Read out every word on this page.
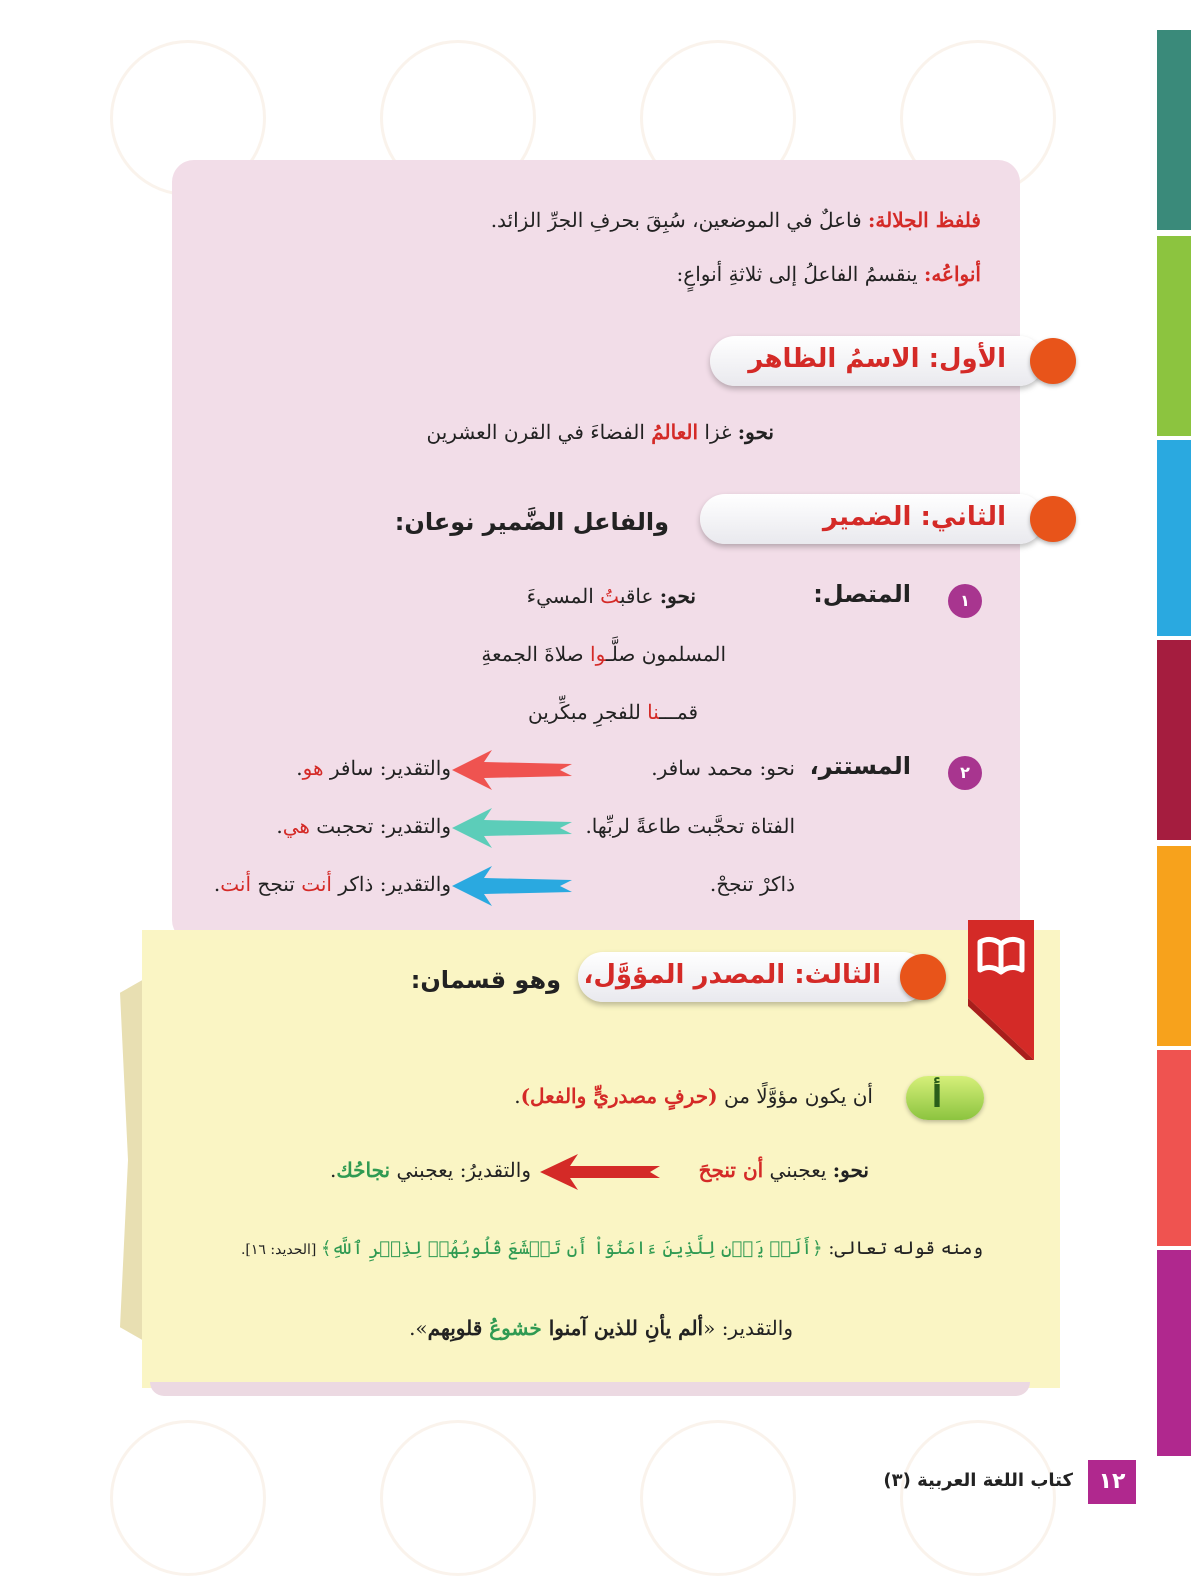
فلفظ الجلالة: فاعلٌ في الموضعين، سُبِقَ بحرفِ الجرِّ الزائد.
أنواعُه: ينقسمُ الفاعلُ إلى ثلاثةِ أنواعٍ:
الأول: الاسمُ الظاهر
نحو: غزا العالمُ الفضاءَ في القرن العشرين
الثاني: الضمير
والفاعل الضَّمير نوعان:
١
المتصل:
نحو: عاقبتُ المسيءَ
المسلمون صلَّـوا صلاةَ الجمعةِ
قمـــنا للفجرِ مبكِّرين
٢
المستتر،
نحو: محمد سافر.
والتقدير: سافر هو.
الفتاة تحجَّبت طاعةً لربِّها.
والتقدير: تحجبت هي.
ذاكرْ تنجحْ.
والتقدير: ذاكر أنت تنجح أنت.
الثالث: المصدر المؤوَّل،
وهو قسمان:
أ
أن يكون مؤوَّلًا من (حرفٍ مصدريٍّ والفعل).
نحو: يعجبني أن تنجحَ
والتقديرُ: يعجبني نجاحُك.
ومنه قوله تعالى: ﴿أَلَمۡ يَأۡنِ لِلَّذِينَ ءَامَنُوٓاْ أَن تَخۡشَعَ قُلُوبُهُمۡ لِذِكۡرِ ٱللَّهِ﴾ [الحديد: ١٦].
والتقدير: «ألم يأنِ للذين آمنوا خشوعُ قلوبِهم».
١٢
كتاب اللغة العربية (٣)
